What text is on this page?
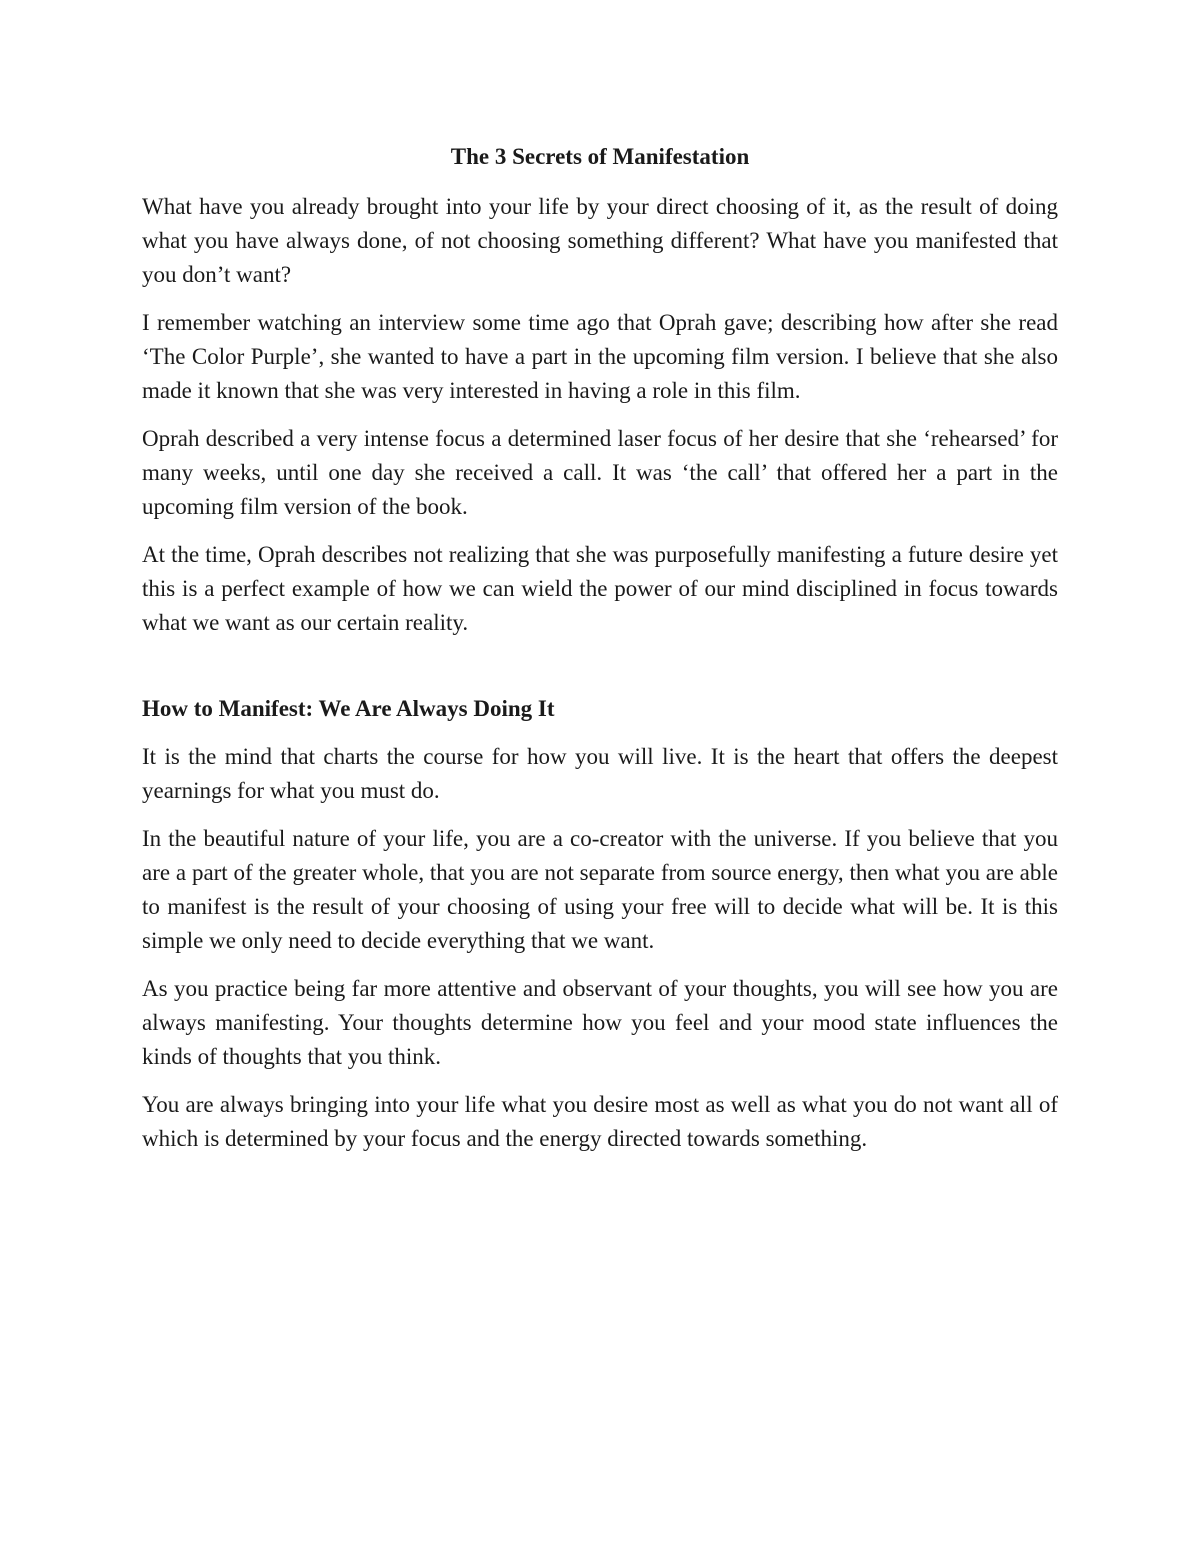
The 3 Secrets of Manifestation

What have you already brought into your life by your direct choosing of it, as the result of doing what you have always done, of not choosing something different? What have you manifested that you don’t want?

I remember watching an interview some time ago that Oprah gave; describing how after she read ‘The Color Purple’, she wanted to have a part in the upcoming film version. I believe that she also made it known that she was very interested in having a role in this film.

Oprah described a very intense focus a determined laser focus of her desire that she ‘rehearsed’ for many weeks, until one day she received a call. It was ‘the call’ that offered her a part in the upcoming film version of the book.

At the time, Oprah describes not realizing that she was purposefully manifesting a future desire yet this is a perfect example of how we can wield the power of our mind disciplined in focus towards what we want as our certain reality.

How to Manifest: We Are Always Doing It

It is the mind that charts the course for how you will live. It is the heart that offers the deepest yearnings for what you must do.

In the beautiful nature of your life, you are a co-creator with the universe. If you believe that you are a part of the greater whole, that you are not separate from source energy, then what you are able to manifest is the result of your choosing of using your free will to decide what will be. It is this simple we only need to decide everything that we want.

As you practice being far more attentive and observant of your thoughts, you will see how you are always manifesting. Your thoughts determine how you feel and your mood state influences the kinds of thoughts that you think.

You are always bringing into your life what you desire most as well as what you do not want all of which is determined by your focus and the energy directed towards something.
